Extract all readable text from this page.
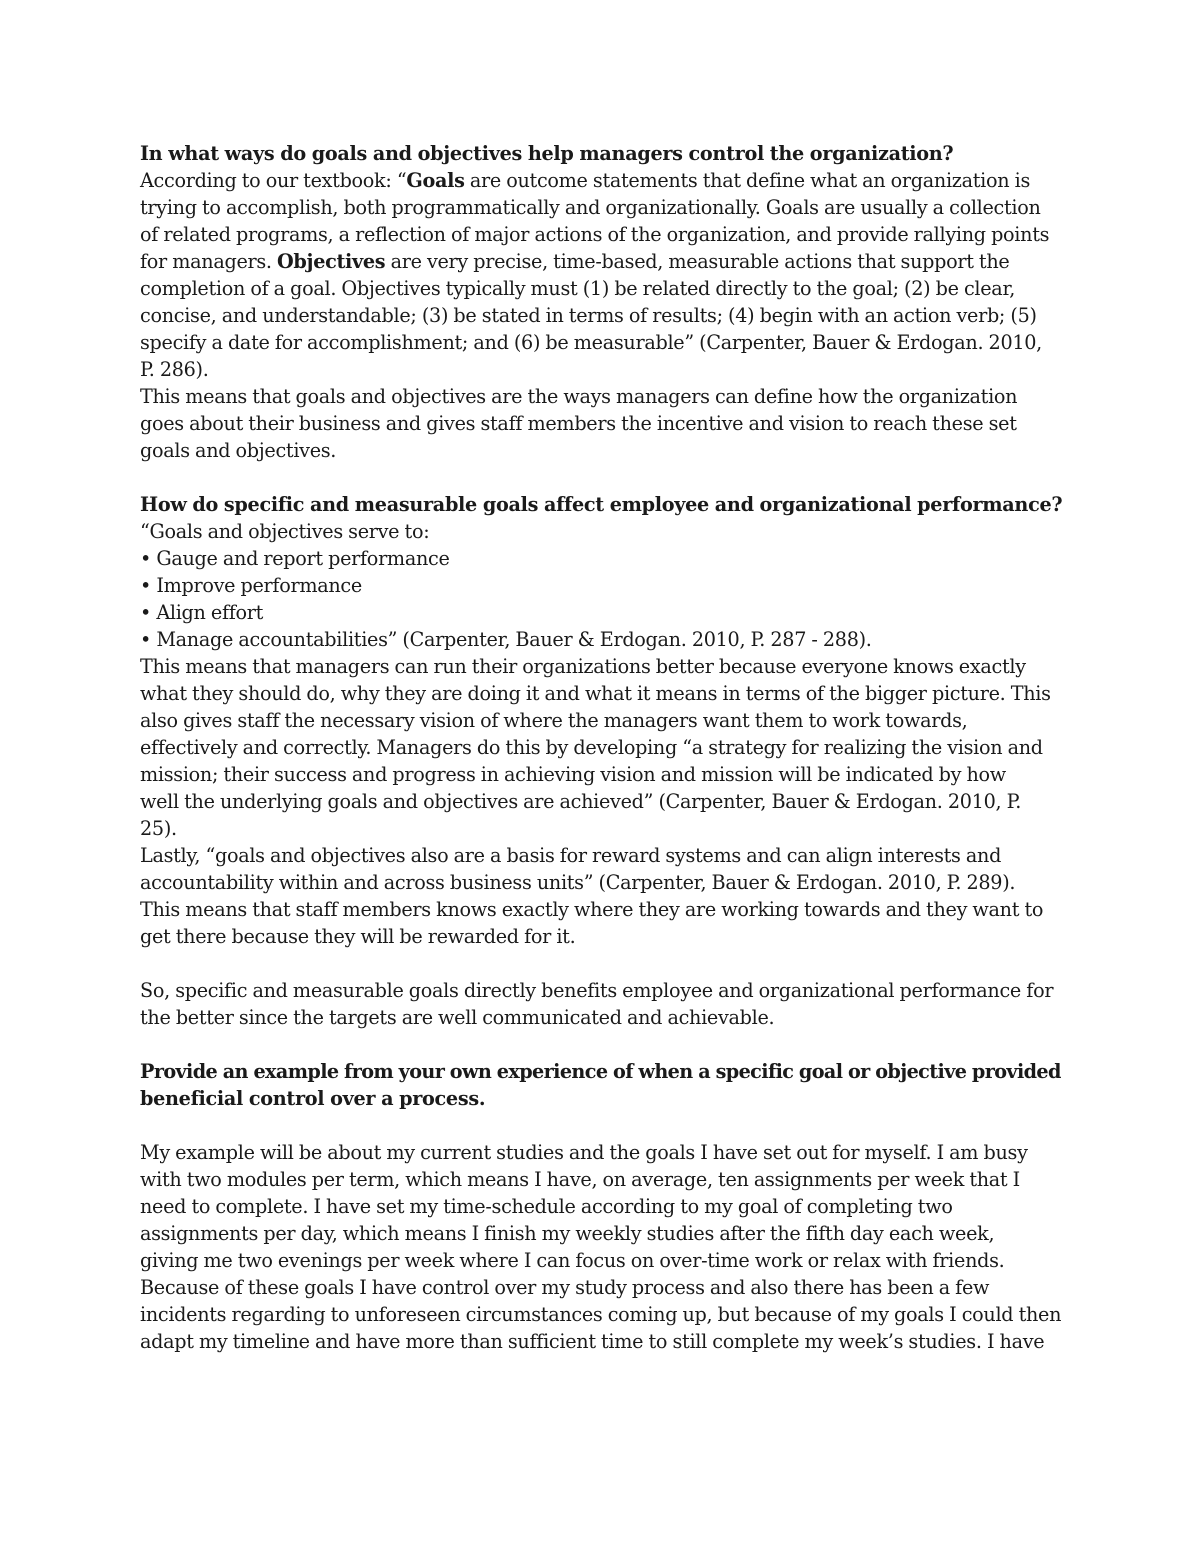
In what ways do goals and objectives help managers control the organization?
According to our textbook: “Goals are outcome statements that define what an organization is
trying to accomplish, both programmatically and organizationally. Goals are usually a collection
of related programs, a reflection of major actions of the organization, and provide rallying points
for managers. Objectives are very precise, time-based, measurable actions that support the
completion of a goal. Objectives typically must (1) be related directly to the goal; (2) be clear,
concise, and understandable; (3) be stated in terms of results; (4) begin with an action verb; (5)
specify a date for accomplishment; and (6) be measurable” (Carpenter, Bauer & Erdogan. 2010,
P. 286).
This means that goals and objectives are the ways managers can define how the organization
goes about their business and gives staff members the incentive and vision to reach these set
goals and objectives.
How do specific and measurable goals affect employee and organizational performance?
“Goals and objectives serve to:
• Gauge and report performance
• Improve performance
• Align effort
• Manage accountabilities” (Carpenter, Bauer & Erdogan. 2010, P. 287 - 288).
This means that managers can run their organizations better because everyone knows exactly
what they should do, why they are doing it and what it means in terms of the bigger picture. This
also gives staff the necessary vision of where the managers want them to work towards,
effectively and correctly. Managers do this by developing “a strategy for realizing the vision and
mission; their success and progress in achieving vision and mission will be indicated by how
well the underlying goals and objectives are achieved” (Carpenter, Bauer & Erdogan. 2010, P.
25).
Lastly, “goals and objectives also are a basis for reward systems and can align interests and
accountability within and across business units” (Carpenter, Bauer & Erdogan. 2010, P. 289).
This means that staff members knows exactly where they are working towards and they want to
get there because they will be rewarded for it.
So, specific and measurable goals directly benefits employee and organizational performance for
the better since the targets are well communicated and achievable.
Provide an example from your own experience of when a specific goal or objective provided
beneficial control over a process.
My example will be about my current studies and the goals I have set out for myself. I am busy
with two modules per term, which means I have, on average, ten assignments per week that I
need to complete. I have set my time-schedule according to my goal of completing two
assignments per day, which means I finish my weekly studies after the fifth day each week,
giving me two evenings per week where I can focus on over-time work or relax with friends.
Because of these goals I have control over my study process and also there has been a few
incidents regarding to unforeseen circumstances coming up, but because of my goals I could then
adapt my timeline and have more than sufficient time to still complete my week’s studies. I have
